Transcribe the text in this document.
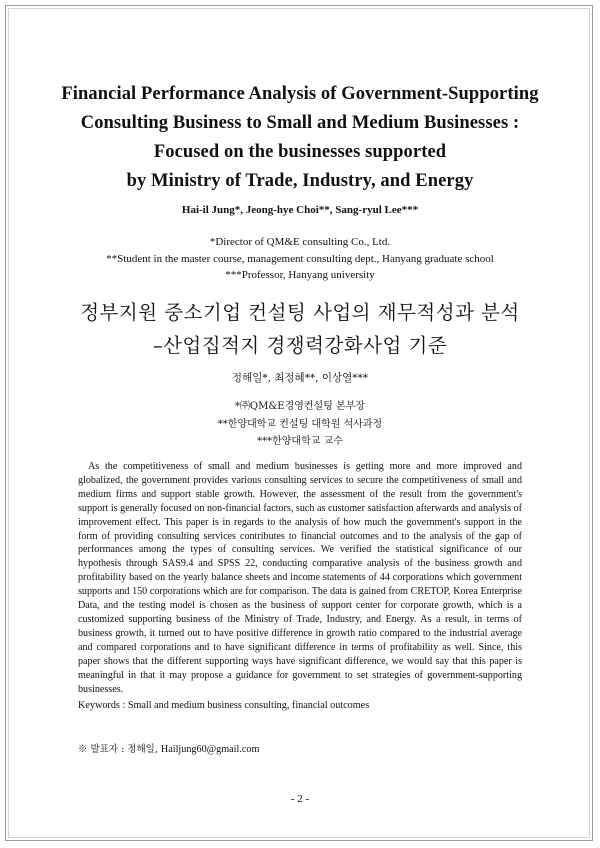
Financial Performance Analysis of Government-Supporting
Consulting Business to Small and Medium Businesses :
Focused on the businesses supported
by Ministry of Trade, Industry, and Energy
Hai-il Jung*, Jeong-hye Choi**, Sang-ryul Lee***
*Director of QM&E consulting Co., Ltd.
**Student in the master course, management consulting dept., Hanyang graduate school
***Professor, Hanyang university
정부지원 중소기업 컨설팅 사업의 재무적성과 분석
–산업집적지 경쟁력강화사업 기준
정해일*, 최정혜**, 이상열***
*㈜QM&E경영컨설팅 본부장
**한양대학교 컨설팅 대학원 석사과정
***한양대학교 교수

As the competitiveness of small and medium businesses is getting more and more improved and globalized, the government provides various consulting services to secure the competitiveness of small and medium firms and support stable growth. However, the assessment of the result from the government's support is generally focused on non-financial factors, such as customer satisfaction afterwards and analysis of improvement effect. This paper is in regards to the analysis of how much the government's support in the form of providing consulting services contributes to financial outcomes and to the analysis of the gap of performances among the types of consulting services. We verified the statistical significance of our hypothesis through SAS9.4 and SPSS 22, conducting comparative analysis of the business growth and profitability based on the yearly balance sheets and income statements of 44 corporations which government supports and 150 corporations which are for comparison. The data is gained from CRETOP, Korea Enterprise Data, and the testing model is chosen as the business of support center for corporate growth, which is a customized supporting business of the Ministry of Trade, Industry, and Energy. As a result, in terms of business growth, it turned out to have positive difference in growth ratio compared to the industrial average and compared corporations and to have significant difference in terms of profitability as well. Since, this paper shows that the different supporting ways have significant difference, we would say that this paper is meaningful in that it may propose a guidance for government to set strategies of government-supporting businesses.

Keywords : Small and medium business consulting, financial outcomes
※ 발표자 : 정해일, Hailjung60@gmail.com
- 2 -
